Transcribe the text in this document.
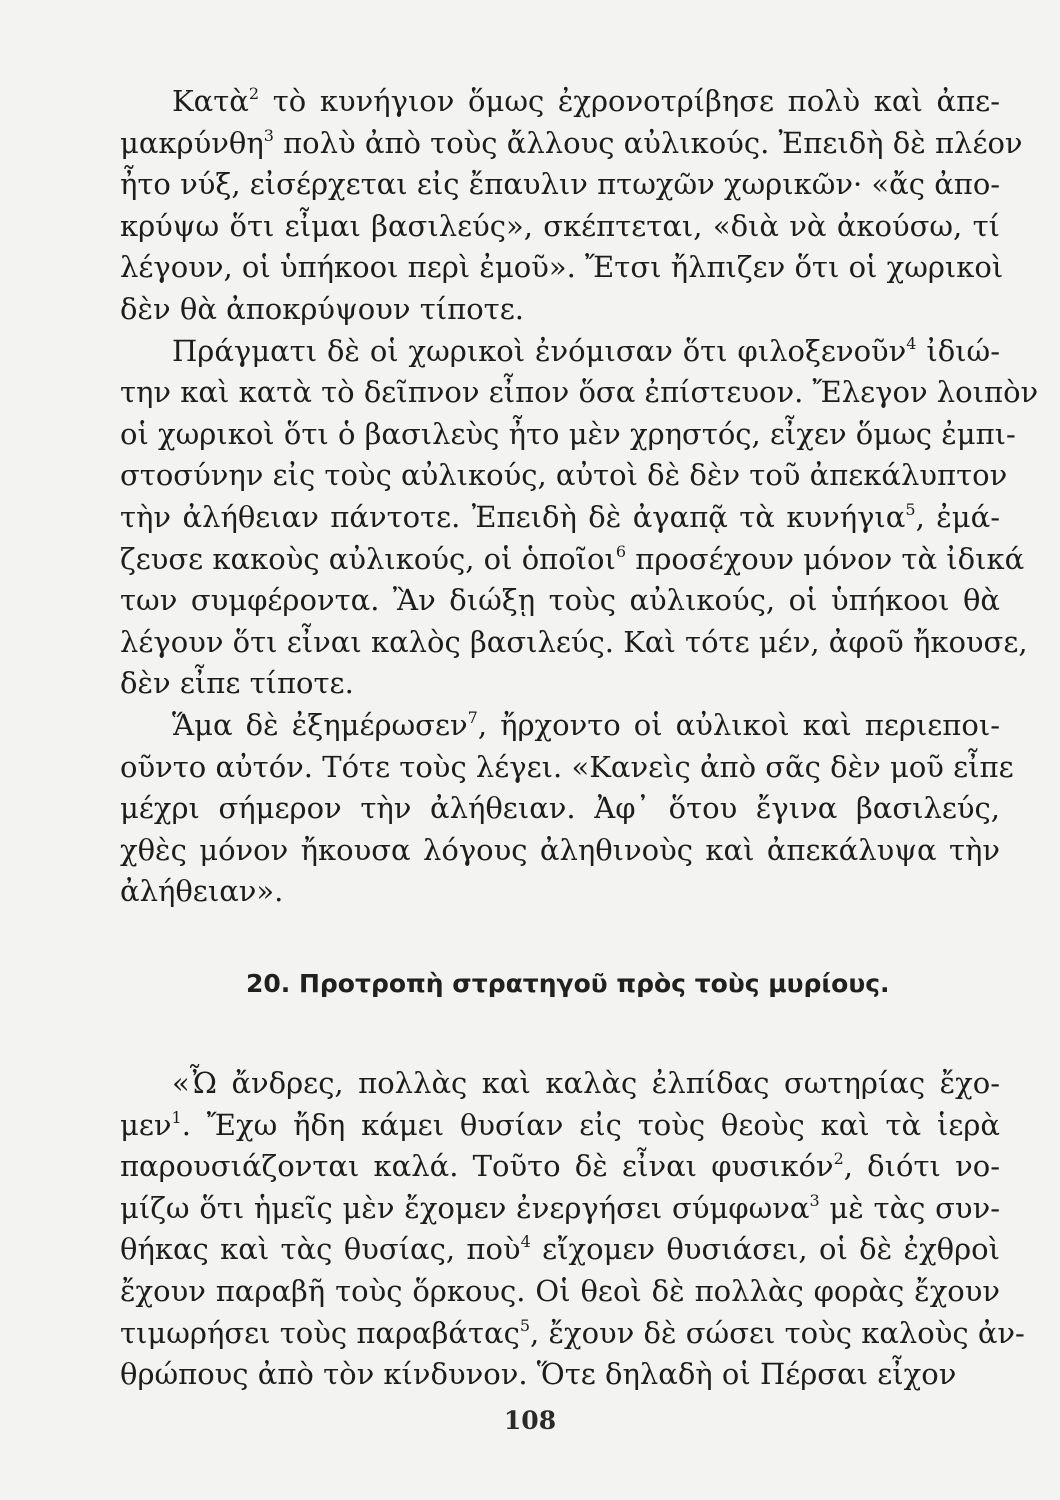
Κατὰ$^2$ τὸ κυνήγιον ὅμως ἐχρονοτρίβησε πολὺ καὶ ἀπε-
μακρύνθη$^3$ πολὺ ἀπὸ τοὺς ἄλλους αὐλικούς. Ἐπειδὴ δὲ πλέον
ἦτο νύξ, εἰσέρχεται εἰς ἔπαυλιν πτωχῶν χωρικῶν· «ἄς ἀπο-
κρύψω ὅτι εἶμαι βασιλεύς», σκέπτεται, «διὰ νὰ ἀκούσω, τί
λέγουν, οἱ ὑπήκοοι περὶ ἐμοῦ». Ἔτσι ἤλπιζεν ὅτι οἱ χωρικοὶ
δὲν θὰ ἀποκρύψουν τίποτε.
Πράγματι δὲ οἱ χωρικοὶ ἐνόμισαν ὅτι φιλοξενοῦν$^4$ ἰδιώ-
την καὶ κατὰ τὸ δεῖπνον εἶπον ὅσα ἐπίστευον. Ἔλεγον λοιπὸν
οἱ χωρικοὶ ὅτι ὁ βασιλεὺς ἦτο μὲν χρηστός, εἶχεν ὅμως ἐμπι-
στοσύνην εἰς τοὺς αὐλικούς, αὐτοὶ δὲ δὲν τοῦ ἀπεκάλυπτον
τὴν ἀλήθειαν πάντοτε. Ἐπειδὴ δὲ ἀγαπᾷ τὰ κυνήγια$^5$, ἐμά-
ζευσε κακοὺς αὐλικούς, οἱ ὁποῖοι$^6$ προσέχουν μόνον τὰ ἰδικά
των συμφέροντα. Ἂν διώξῃ τοὺς αὐλικούς, οἱ ὑπήκοοι θὰ
λέγουν ὅτι εἶναι καλὸς βασιλεύς. Καὶ τότε μέν, ἀφοῦ ἤκουσε,
δὲν εἶπε τίποτε.
Ἅμα δὲ ἐξημέρωσεν$^7$, ἤρχοντο οἱ αὐλικοὶ καὶ περιεποι-
οῦντο αὐτόν. Τότε τοὺς λέγει. «Κανεὶς ἀπὸ σᾶς δὲν μοῦ εἶπε
μέχρι σήμερον τὴν ἀλήθειαν. Ἀφ᾽ ὅτου ἔγινα βασιλεύς,
χθὲς μόνον ἤκουσα λόγους ἀληθινοὺς καὶ ἀπεκάλυψα τὴν
ἀλήθειαν».
«Ὦ ἄνδρες, πολλὰς καὶ καλὰς ἐλπίδας σωτηρίας ἔχο-
μεν$^1$. Ἔχω ἤδη κάμει θυσίαν εἰς τοὺς θεοὺς καὶ τὰ ἱερὰ
παρουσιάζονται καλά. Τοῦτο δὲ εἶναι φυσικόν$^2$, διότι νο-
μίζω ὅτι ἡμεῖς μὲν ἔχομεν ἐνεργήσει σύμφωνα$^3$ μὲ τὰς συν-
θήκας καὶ τὰς θυσίας, ποὺ$^4$ εἴχομεν θυσιάσει, οἱ δὲ ἐχθροὶ
ἔχουν παραβῆ τοὺς ὅρκους. Οἱ θεοὶ δὲ πολλὰς φορὰς ἔχουν
τιμωρήσει τοὺς παραβάτας$^5$, ἔχουν δὲ σώσει τοὺς καλοὺς ἀν-
θρώπους ἀπὸ τὸν κίνδυνον. Ὅτε δηλαδὴ οἱ Πέρσαι εἶχον
20. Προτροπὴ στρατηγοῦ πρὸς τοὺς μυρίους.
108
